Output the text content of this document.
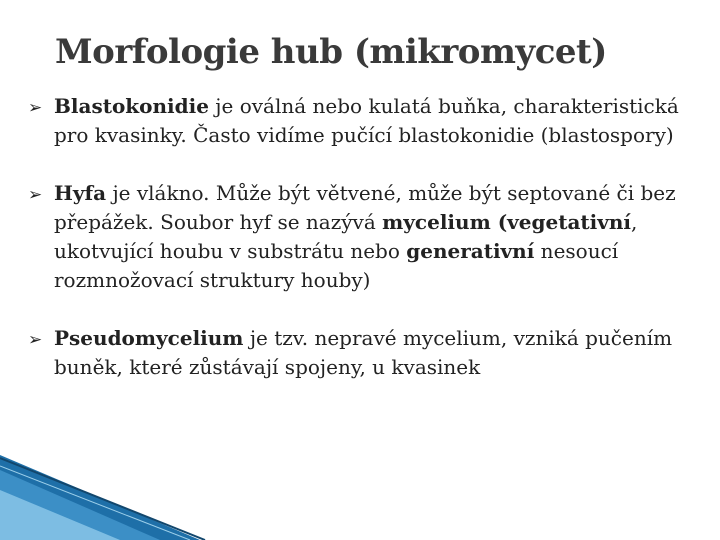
Morfologie hub (mikromycet)
➢ Blastokonidie je oválná nebo kulatá buňka, charakteristická pro kvasinky. Často vidíme pučící blastokonidie (blastospory)
➢ Hyfa je vlákno. Může být větvené, může být septované či bez přepážek. Soubor hyf se nazývá mycelium (vegetativní, ukotvující houbu v substrátu nebo generativní nesoucí rozmnožovací struktury houby)
➢ Pseudomycelium je tzv. nepravé mycelium, vzniká pučením buněk, které zůstávají spojeny, u kvasinek
